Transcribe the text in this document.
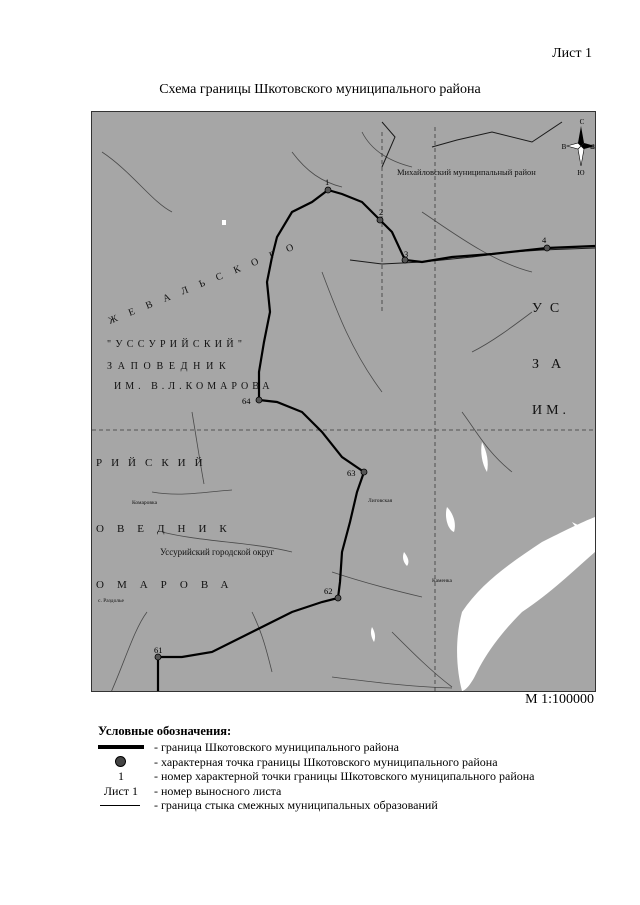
Лист 1
Схема границы Шкотовского муниципального района
С
Ю
В	З
Михайловский муниципальный район
Уссурийский городской округ
"УССУРИЙСКИЙ"
ЗАПОВЕДНИК
ИМ. В.Л.КОМАРОВА
РИЙСКИЙ
ОВЕДНИК
ОМАРОВА
УС
ЗА
ИМ.
ЖЕВАЛЬСКОГО
Лиговская
Каменка
Комаровка
с. Раздолье
1
2
3
4
64
63
62
61
М 1:100000
Условные обозначения:
- граница Шкотовского муниципального района
- характерная точка границы Шкотовского муниципального района
1	- номер характерной точки границы Шкотовского муниципального района
Лист 1	- номер выносного листа
- граница стыка смежных муниципальных образований
